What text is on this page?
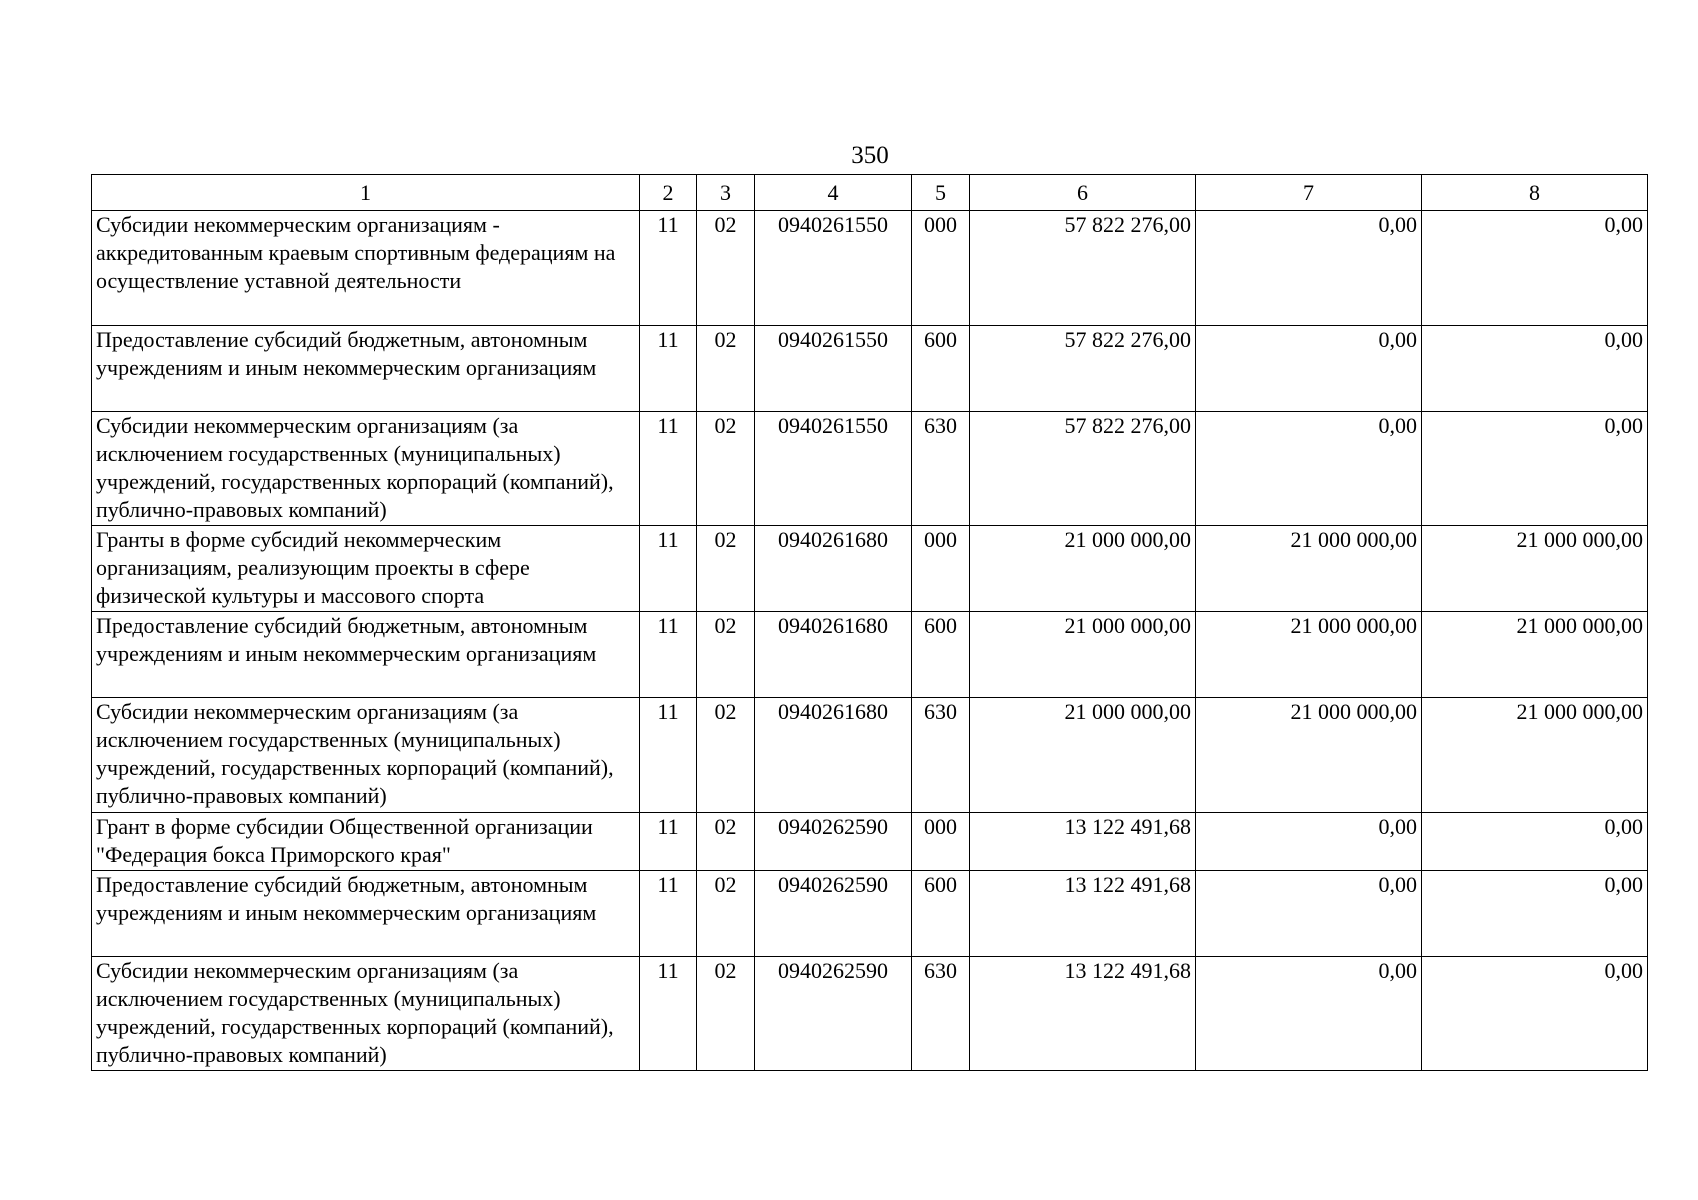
350
1	2	3	4	5	6	7	8
Субсидии некоммерческим организациям - аккредитованным краевым спортивным федерациям на осуществление уставной деятельности	11	02	0940261550	000	57 822 276,00	0,00	0,00
Предоставление субсидий бюджетным, автономным учреждениям и иным некоммерческим организациям	11	02	0940261550	600	57 822 276,00	0,00	0,00
Субсидии некоммерческим организациям (за исключением государственных (муниципальных) учреждений, государственных корпораций (компаний), публично-правовых компаний)	11	02	0940261550	630	57 822 276,00	0,00	0,00
Гранты в форме субсидий некоммерческим организациям, реализующим проекты в сфере физической культуры и массового спорта	11	02	0940261680	000	21 000 000,00	21 000 000,00	21 000 000,00
Предоставление субсидий бюджетным, автономным учреждениям и иным некоммерческим организациям	11	02	0940261680	600	21 000 000,00	21 000 000,00	21 000 000,00
Субсидии некоммерческим организациям (за исключением государственных (муниципальных) учреждений, государственных корпораций (компаний), публично-правовых компаний)	11	02	0940261680	630	21 000 000,00	21 000 000,00	21 000 000,00
Грант в форме субсидии Общественной организации "Федерация бокса Приморского края"	11	02	0940262590	000	13 122 491,68	0,00	0,00
Предоставление субсидий бюджетным, автономным учреждениям и иным некоммерческим организациям	11	02	0940262590	600	13 122 491,68	0,00	0,00
Субсидии некоммерческим организациям (за исключением государственных (муниципальных) учреждений, государственных корпораций (компаний), публично-правовых компаний)	11	02	0940262590	630	13 122 491,68	0,00	0,00
